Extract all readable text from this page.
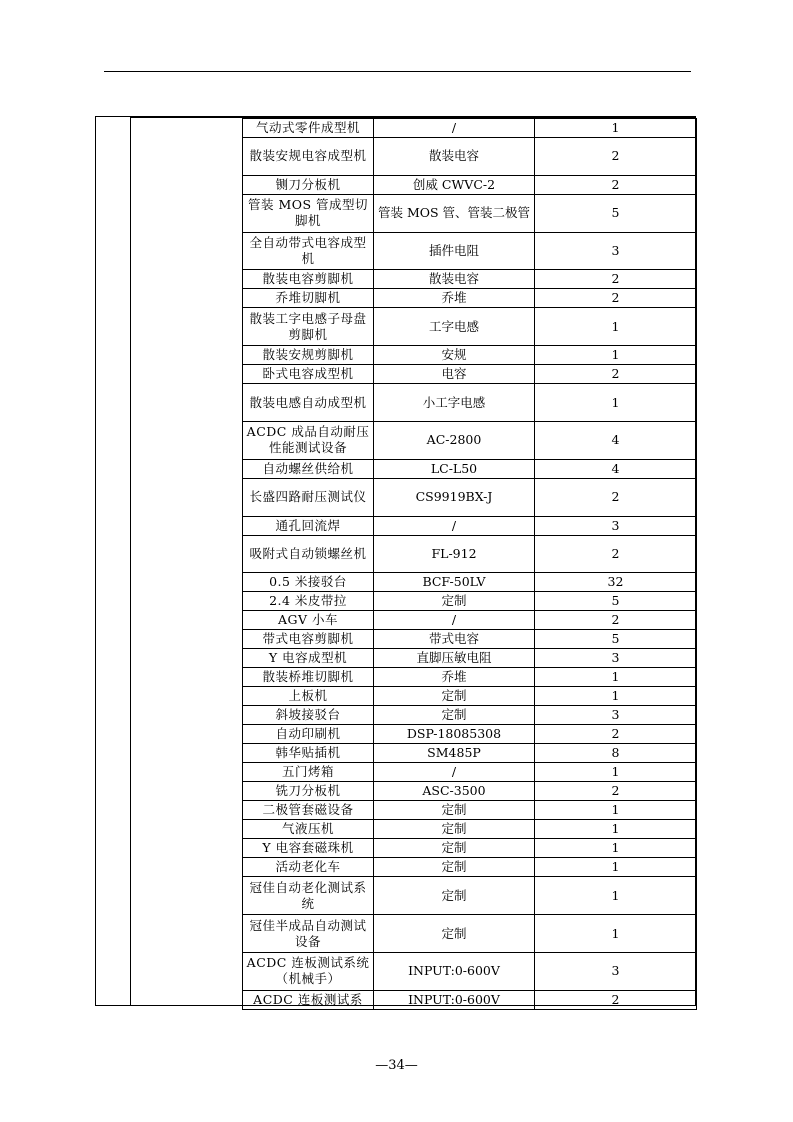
气动式零件成型机	/	1
散装安规电容成型机	散装电容	2
铡刀分板机	创威 CWVC-2	2
管装 MOS 管成型切脚机	管装 MOS 管、管装二极管	5
全自动带式电容成型机	插件电阻	3
散装电容剪脚机	散装电容	2
乔堆切脚机	乔堆	2
散装工字电感子母盘剪脚机	工字电感	1
散装安规剪脚机	安规	1
卧式电容成型机	电容	2
散装电感自动成型机	小工字电感	1
ACDC 成品自动耐压性能测试设备	AC-2800	4
自动螺丝供给机	LC-L50	4
长盛四路耐压测试仪	CS9919BX-J	2
通孔回流焊	/	3
吸附式自动锁螺丝机	FL-912	2
0.5 米接驳台	BCF-50LV	32
2.4 米皮带拉	定制	5
AGV 小车	/	2
带式电容剪脚机	带式电容	5
Y 电容成型机	直脚压敏电阻	3
散装桥堆切脚机	乔堆	1
上板机	定制	1
斜坡接驳台	定制	3
自动印刷机	DSP-18085308	2
韩华贴插机	SM485P	8
五门烤箱	/	1
铣刀分板机	ASC-3500	2
二极管套磁设备	定制	1
气液压机	定制	1
Y 电容套磁珠机	定制	1
活动老化车	定制	1
冠佳自动老化测试系统	定制	1
冠佳半成品自动测试设备	定制	1
ACDC 连板测试系统（机械手）	INPUT:0-600V	3
ACDC 连板测试系	INPUT:0-600V	2
—34—
